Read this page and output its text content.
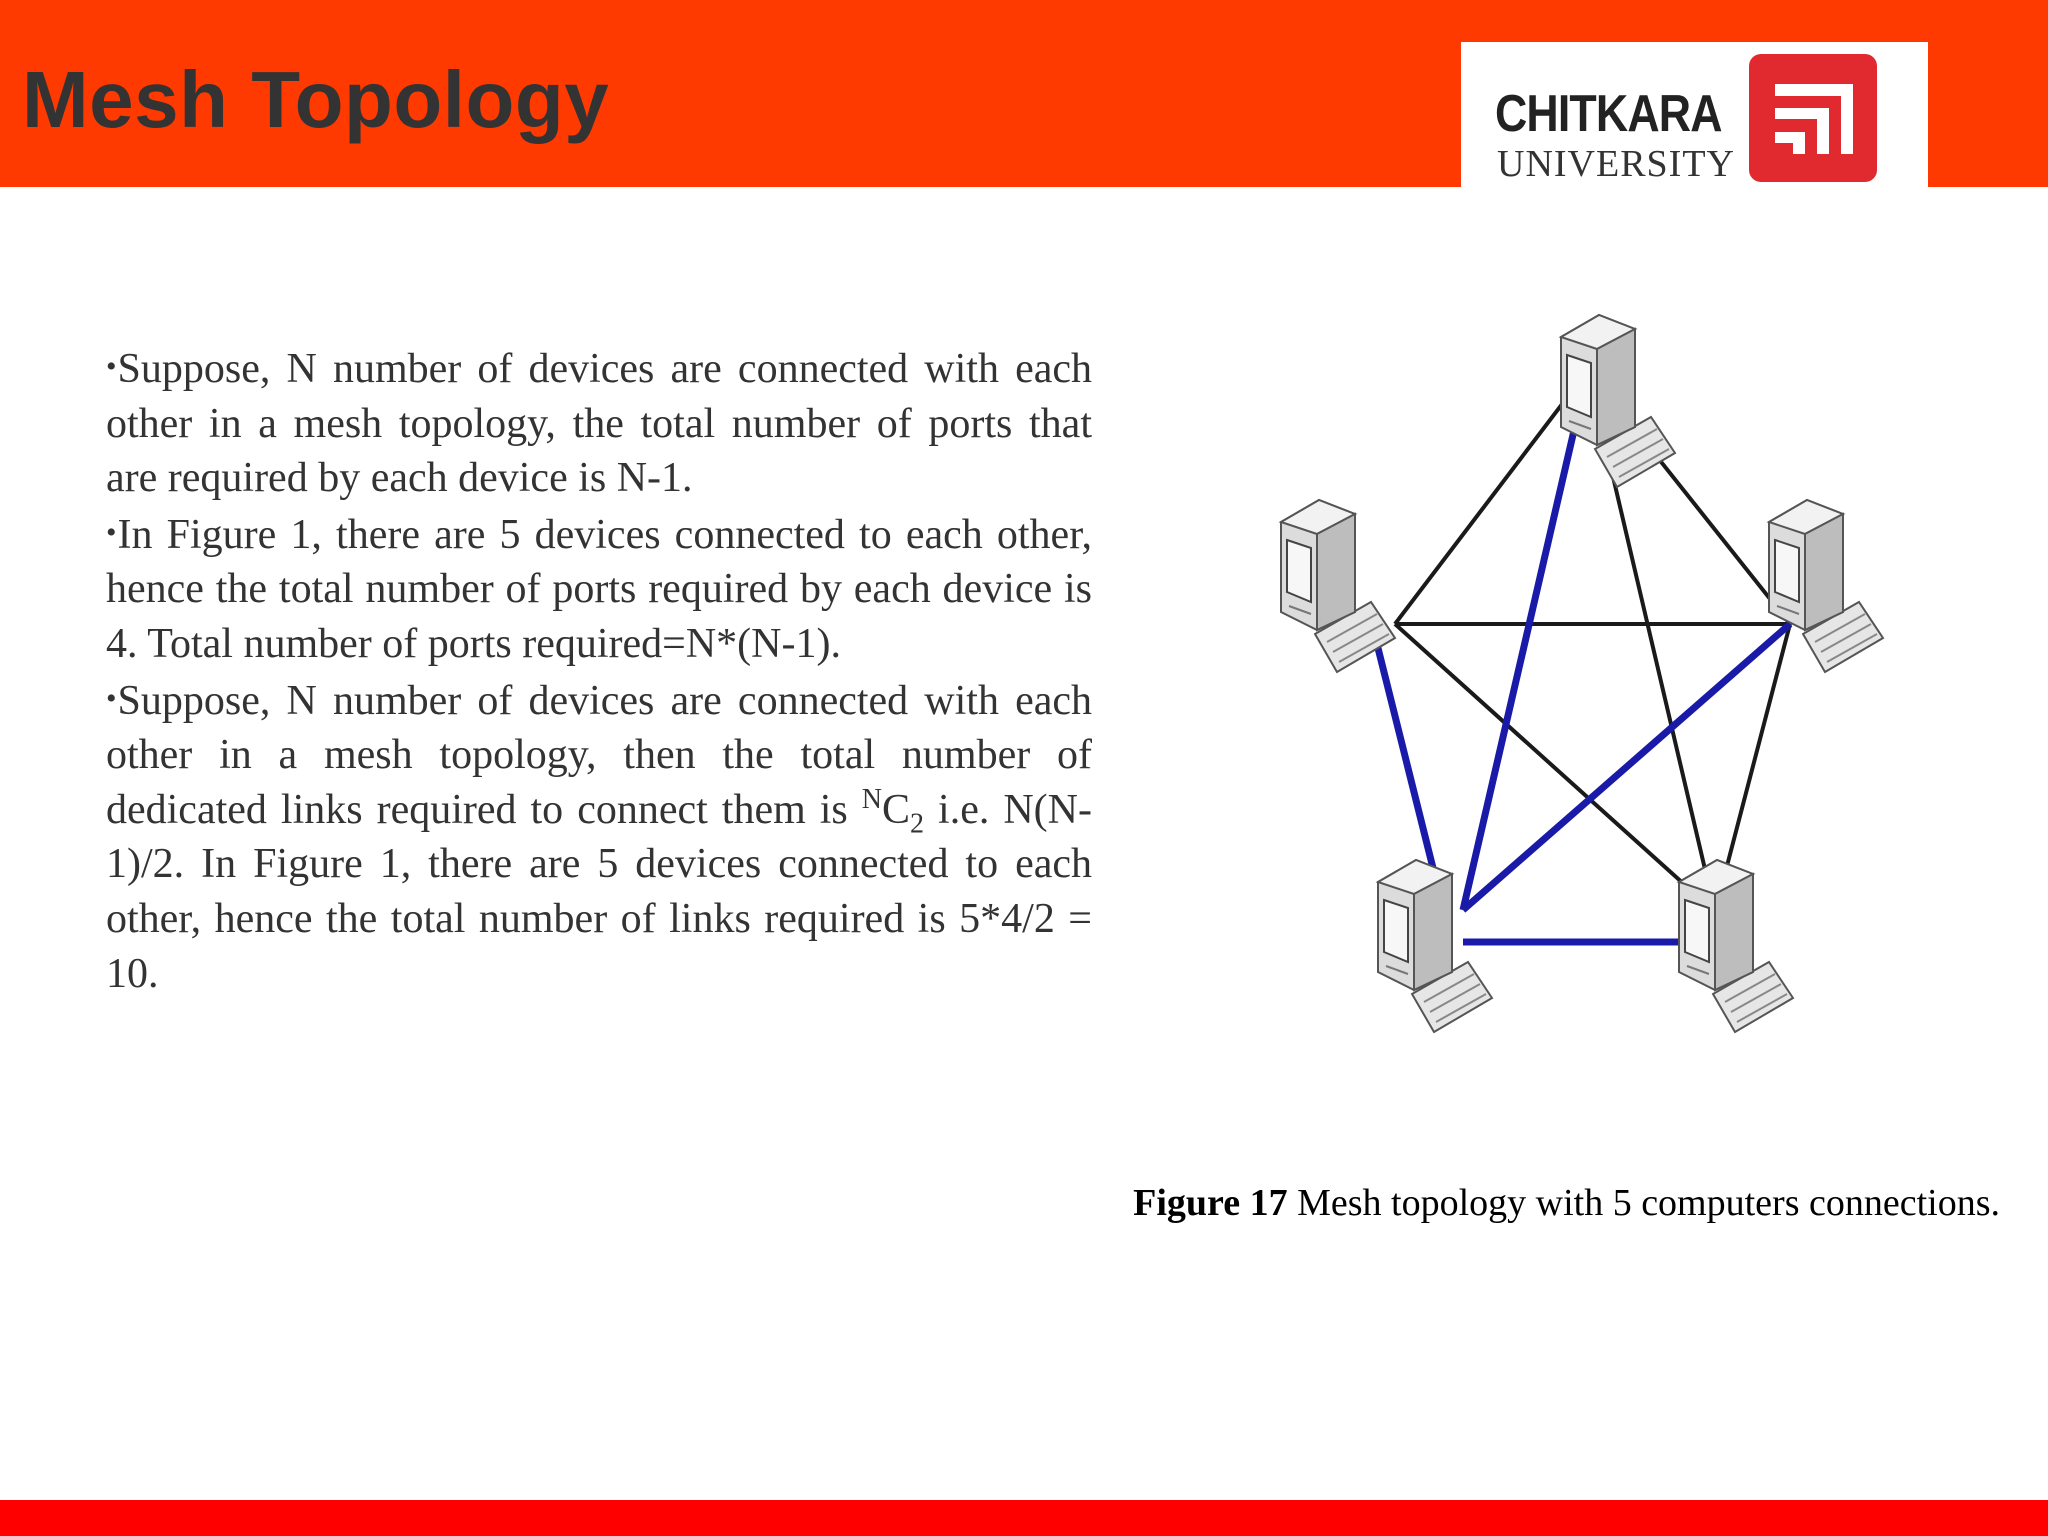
Mesh Topology	CHITKARA
UNIVERSITY

•Suppose, N number of devices are connected with each other in a mesh topology, the total number of ports that are required by each device is N-1.

•In Figure 1, there are 5 devices connected to each other, hence the total number of ports required by each device is 4. Total number of ports required=N*(N-1).

•Suppose, N number of devices are connected with each other in a mesh topology, then the total number of dedicated links required to connect them is $^NC_2$ i.e. N(N-1)/2. In Figure 1, there are 5 devices connected to each other, hence the total number of links required is 5*4/2 = 10.

Figure 17 Mesh topology with 5 computers connections.
